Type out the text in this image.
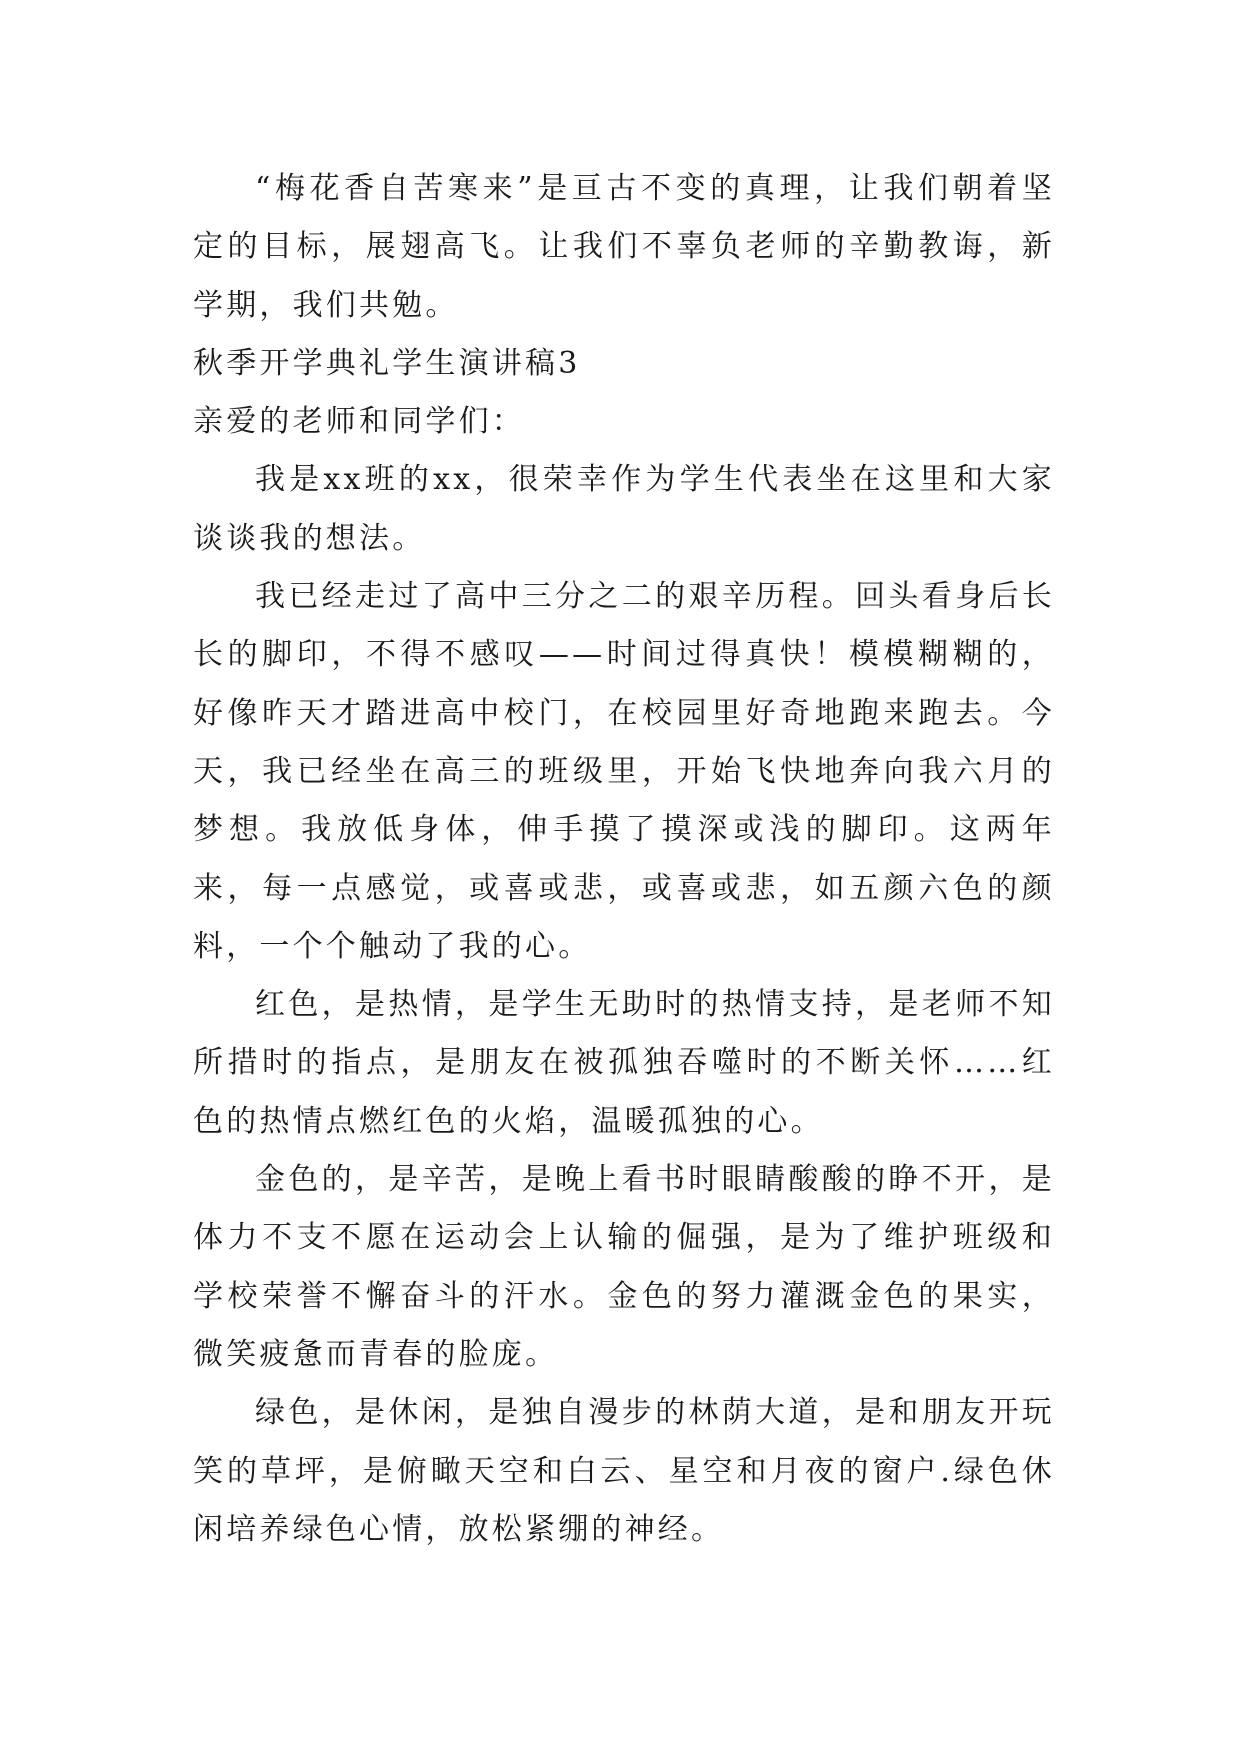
“梅花香自苦寒来”是亘古不变的真理，让我们朝着坚定的目标，展翅高飞。让我们不辜负老师的辛勤教诲，新学期，我们共勉。

秋季开学典礼学生演讲稿3

亲爱的老师和同学们：

我是xx班的xx，很荣幸作为学生代表坐在这里和大家谈谈我的想法。

我已经走过了高中三分之二的艰辛历程。回头看身后长长的脚印，不得不感叹——时间过得真快！模模糊糊的，好像昨天才踏进高中校门，在校园里好奇地跑来跑去。今天，我已经坐在高三的班级里，开始飞快地奔向我六月的梦想。我放低身体，伸手摸了摸深或浅的脚印。这两年来，每一点感觉，或喜或悲，或喜或悲，如五颜六色的颜料，一个个触动了我的心。

红色，是热情，是学生无助时的热情支持，是老师不知所措时的指点，是朋友在被孤独吞噬时的不断关怀……红色的热情点燃红色的火焰，温暖孤独的心。

金色的，是辛苦，是晚上看书时眼睛酸酸的睁不开，是体力不支不愿在运动会上认输的倔强，是为了维护班级和学校荣誉不懈奋斗的汗水。金色的努力灌溉金色的果实，微笑疲惫而青春的脸庞。

绿色，是休闲，是独自漫步的林荫大道，是和朋友开玩笑的草坪，是俯瞰天空和白云、星空和月夜的窗户.绿色休闲培养绿色心情，放松紧绷的神经。
